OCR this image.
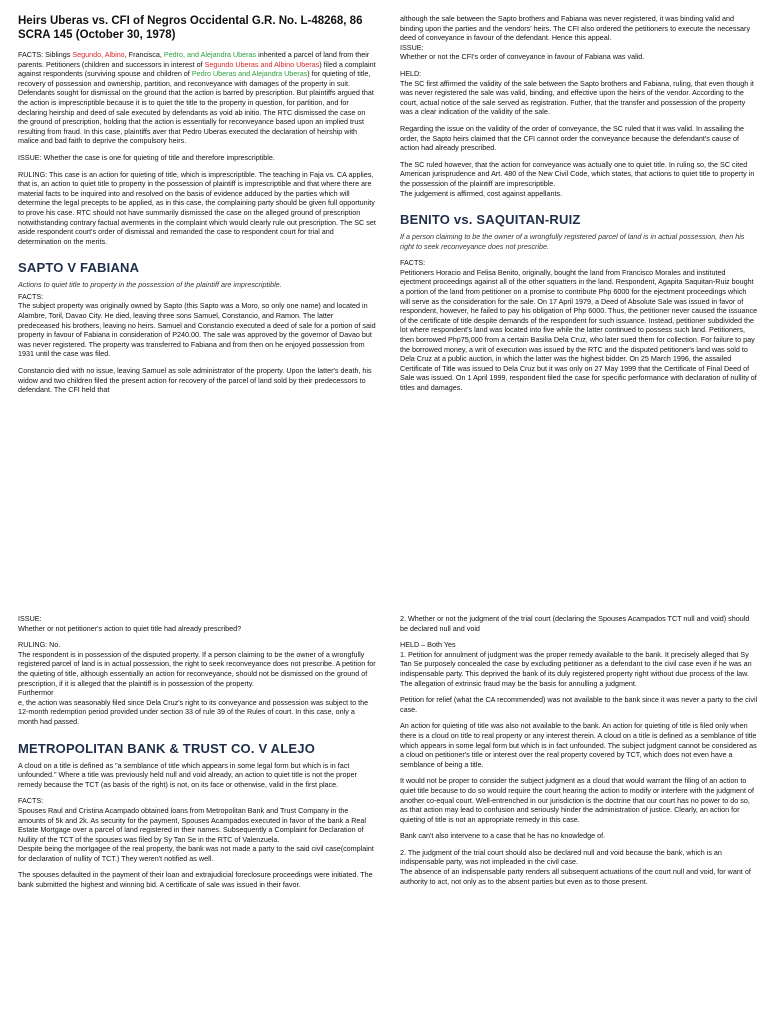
Heirs Uberas vs. CFI of Negros Occidental G.R. No. L-48268, 86 SCRA 145 (October 30, 1978)

FACTS: Siblings Segundo, Albino, Francisca, Pedro, and Alejandra Uberas inherited a parcel of land from their parents. Petitioners (children and successors in interest of Segundo Uberas and Albino Uberas) filed a complaint against respondents (surviving spouse and children of Pedro Uberas and Alejandra Uberas) for quieting of title, recovery of possession and ownership, partition, and reconveyance with damages of the property in suit. Defendants sought for dismissal on the ground that the action is barred by prescription. But plaintiffs argued that the action is imprescriptible because it is to quiet the title to the property in question, for partition, and for declaring heirship and deed of sale executed by defendants as void ab initio. The RTC dismissed the case on the ground of prescription, holding that the action is essentially for reconveyance based upon an implied trust resulting from fraud. In this case, plaintiffs aver that Pedro Uberas executed the declaration of heirship with malice and bad faith to deprive the compulsory heirs.

ISSUE: Whether the case is one for quieting of title and therefore imprescriptible.

RULING: This case is an action for quieting of title, which is imprescriptible. The teaching in Faja vs. CA applies, that is, an action to quiet title to property in the possession of plaintiff is imprescriptible and that where there are material facts to be inquired into and resolved on the basis of evidence adduced by the parties which will determine the legal precepts to be applied, as in this case, the complaining party should be given full opportunity to prove his case. RTC should not have summarily dismissed the case on the alleged ground of prescription notwithstanding contrary factual averments in the complaint which would clearly rule out prescription. The SC set aside respondent court's order of dismissal and remanded the case to respondent court for trial and determination on the merits.

SAPTO V FABIANA
Actions to quiet title to property in the possession of the plaintiff are imprescriptible.
FACTS:

The subject property was originally owned by Sapto (this Sapto was a Moro, so only one name) and located in Alambre, Toril, Davao City. He died, leaving three sons Samuel, Constancio, and Ramon. The latter predeceased his brothers, leaving no heirs. Samuel and Constancio executed a deed of sale for a portion of said property in favour of Fabiana in consideration of P240.00. The sale was approved by the governor of Davao but was never registered. The property was transferred to Fabiana and from then on he enjoyed possession from 1931 until the case was filed.

Constancio died with no issue, leaving Samuel as sole administrator of the property. Upon the latter's death, his widow and two children filed the present action for recovery of the parcel of land sold by their predecessors to defendant. The CFI held that

although the sale between the Sapto brothers and Fabiana was never registered, it was binding valid and binding upon the parties and the vendors' heirs. The CFI also ordered the petitioners to execute the necessary deed of conveyance in favour of the defendant. Hence this appeal.

ISSUE:

Whether or not the CFI's order of conveyance in favour of Fabiana was valid.

HELD:

The SC first affirmed the validity of the sale between the Sapto brothers and Fabiana, ruling, that even though it was never registered the sale was valid, binding, and effective upon the heirs of the vendor. According to the court, actual notice of the sale served as registration. Futher, that the transfer and possession of the property was a clear indication of the validity of the sale.

Regarding the issue on the validity of the order of conveyance, the SC ruled that it was valid. In assailing the order, the Sapto heirs claimed that the CFI cannot order the conveyance because the defendant's cause of action had already prescribed.

The SC ruled however, that the action for conveyance was actually one to quiet title. In ruling so, the SC cited American jurisprudence and Art. 480 of the New Civil Code, which states, that actions to quiet title to property in the possession of the plaintiff are imprescriptible.

The judgement is affirmed, cost against appellants.

BENITO vs. SAQUITAN-RUIZ
If a person claiming to be the owner of a wrongfully registered parcel of land is in actual possession, then his right to seek reconveyance does not prescribe.
FACTS:

Petitioners Horacio and Felisa Benito, originally, bought the land from Francisco Morales and instituted ejectment proceedings against all of the other squatters in the land. Respondent, Agapita Saquitan-Ruiz bought a portion of the land from petitioner on a promise to contribute Php 6000 for the ejectment proceedings which will serve as the consideration for the sale. On 17 April 1979, a Deed of Absolute Sale was issued in favor of respondent, however, he failed to pay his obligation of Php 6000. Thus, the petitioner never caused the issuance of the certificate of title despite demands of the respondent for such issuance. Instead, petitioner subdivided the lot where respondent's land was located into five while the latter continued to possess such land. Petitioners, then borrowed Php75,000 from a certain Basilia Dela Cruz, who later sued them for collection. For failure to pay the borrowed money, a writ of execution was issued by the RTC and the disputed petitioner's land was sold to Dela Cruz at a public auction, in which the latter was the highest bidder. On 25 March 1996, the assailed Certificate of Title was issued to Dela Cruz but it was only on 27 May 1999 that the Certificate of Final Deed of Sale was issued. On 1 April 1999, respondent filed the case for specific performance with declaration of nullity of titles and damages.

ISSUE:

Whether or not petitioner's action to quiet title had already prescribed?

RULING: No.

The respondent is in possession of the disputed property. If a person claiming to be the owner of a wrongfully registered parcel of land is in actual possession, the right to seek reconveyance does not prescribe. A petition for the quieting of title, although essentially an action for reconveyance, should not be dismissed on the ground of prescription, if it is alleged that the plaintiff is in possession of the property.

Furthermor

e, the action was seasonably filed since Dela Cruz's right to its conveyance and possession was subject to the 12-month redemption period provided under section 33 of rule 39 of the Rules of court. In this case, only a month had passed.

METROPOLITAN BANK & TRUST CO. V ALEJO

A cloud on a title is defined as "a semblance of title which appears in some legal form but which is in fact unfounded." Where a title was previously held null and void already, an action to quiet title is not the proper remedy because the TCT (as basis of the right) is not, on its face or otherwise, valid in the first place.

FACTS:

Spouses Raul and Cristina Acampado obtained loans from Metropolitan Bank and Trust Company in the amounts of 5k and 2k. As security for the payment, Spouses Acampados executed in favor of the bank a Real Estate Mortgage over a parcel of land registered in their names. Subsequently a Complaint for Declaration of Nullity of the TCT of the spouses was filed by Sy Tan Se in the RTC of Valenzuela.

Despite being the mortgagee of the real property, the bank was not made a party to the said civil case(complaint for declaration of nullity of TCT.) They weren't notified as well.

The spouses defaulted in the payment of their loan and extrajudicial foreclosure proceedings were initiated. The bank submitted the highest and winning bid. A certificate of sale was issued in their favor.

2. Whether or not the judgment of the trial court (declaring the Spouses Acampados TCT null and void) should be declared null and void

HELD – Both Yes

1. Petition for annulment of judgment was the proper remedy available to the bank. It precisely alleged that Sy Tan Se purposely concealed the case by excluding petitioner as a defendant to the civil case even if he was an indispensable party. This deprived the bank of its duly registered property right without due process of the law. The allegation of extrinsic fraud may be the basis for annulling a judgment.

Petition for relief (what the CA recommended) was not available to the bank since it was never a party to the civil case.

An action for quieting of title was also not available to the bank. An action for quieting of title is filed only when there is a cloud on title to real property or any interest therein. A cloud on a title is defined as a semblance of title which appears in some legal form but which is in fact unfounded. The subject judgment cannot be considered as a cloud on petitioner's title or interest over the real property covered by TCT, which does not even have a semblance of being a title.

It would not be proper to consider the subject judgment as a cloud that would warrant the filing of an action to quiet title because to do so would require the court hearing the action to modify or interfere with the judgment of another co-equal court. Well-entrenched in our jurisdiction is the doctrine that our court has no power to do so, as that action may lead to confusion and seriously hinder the administration of justice. Clearly, an action for quieting of title is not an appropriate remedy in this case.

Bank can't also intervene to a case that he has no knowledge of.

2. The judgment of the trial court should also be declared null and void because the bank, which is an indispensable party, was not impleaded in the civil case.

The absence of an indispensable party renders all subsequent actuations of the court null and void, for want of authority to act, not only as to the absent parties but even as to those present.
